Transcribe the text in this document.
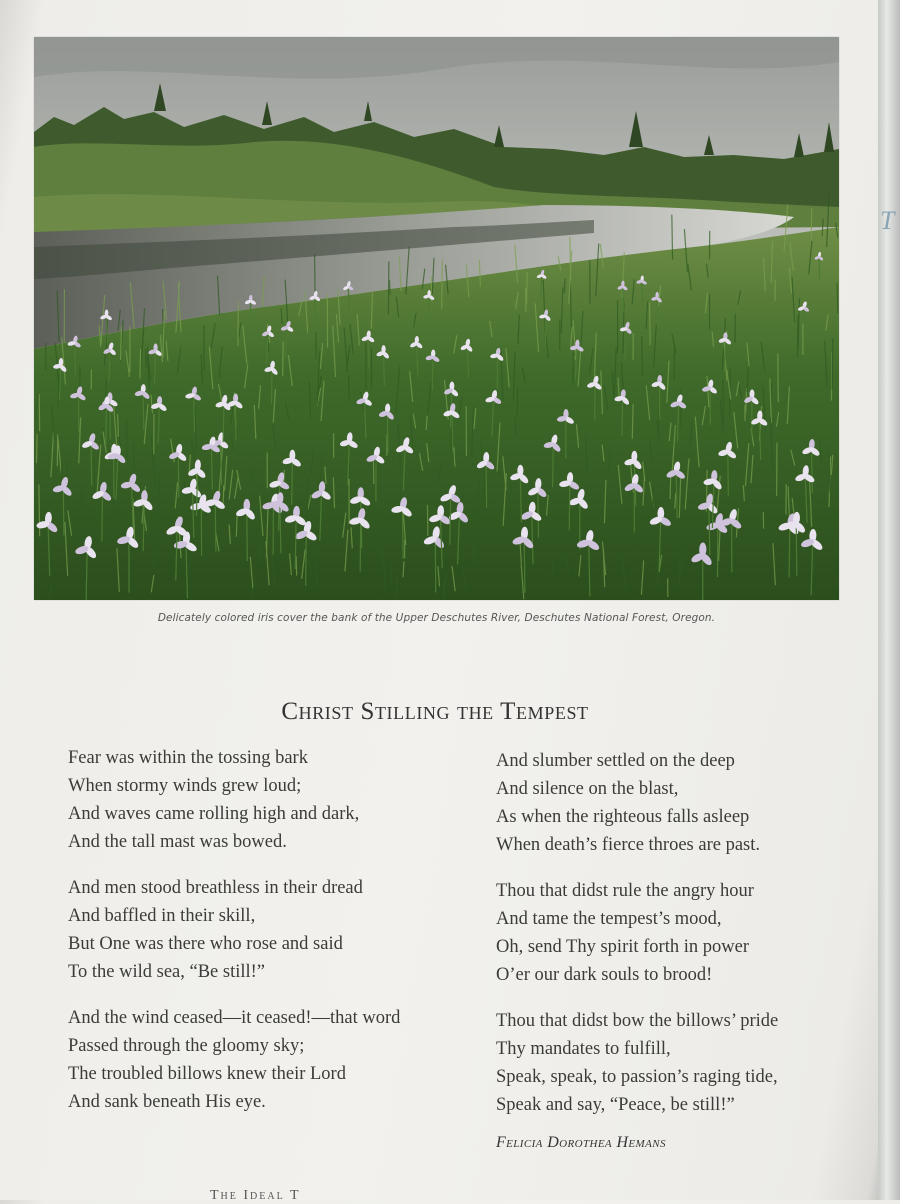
T
Delicately colored iris cover the bank of the Upper Deschutes River, Deschutes National Forest, Oregon.
Christ Stilling the Tempest
Fear was within the tossing bark
When stormy winds grew loud;
And waves came rolling high and dark,
And the tall mast was bowed.
And men stood breathless in their dread
And baffled in their skill,
But One was there who rose and said
To the wild sea, “Be still!”
And the wind ceased—it ceased!—that word
Passed through the gloomy sky;
The troubled billows knew their Lord
And sank beneath His eye.
And slumber settled on the deep
And silence on the blast,
As when the righteous falls asleep
When death’s fierce throes are past.
Thou that didst rule the angry hour
And tame the tempest’s mood,
Oh, send Thy spirit forth in power
O’er our dark souls to brood!
Thou that didst bow the billows’ pride
Thy mandates to fulfill,
Speak, speak, to passion’s raging tide,
Speak and say, “Peace, be still!”
Felicia Dorothea Hemans
The Ideal T
